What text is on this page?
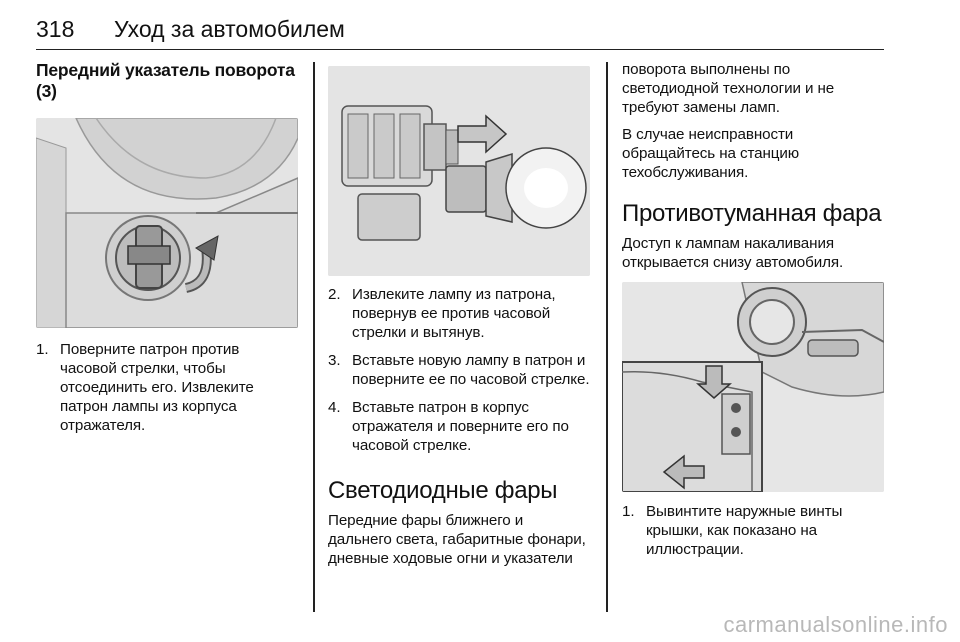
318 Уход за автомобилем
Передний указатель поворота (3)
1. Поверните патрон против часовой стрелки, чтобы отсоединить его. Извлеките патрон лампы из корпуса отражателя.
2. Извлеките лампу из патрона, повернув ее против часовой стрелки и вытянув.
3. Вставьте новую лампу в патрон и поверните ее по часовой стрелке.
4. Вставьте патрон в корпус отражателя и поверните его по часовой стрелке.
Светодиодные фары

Передние фары ближнего и дальнего света, габаритные фонари, дневные ходовые огни и указатели

поворота выполнены по светодиодной технологии и не требуют замены ламп.

В случае неисправности обращайтесь на станцию техобслуживания.

Противотуманная фара

Доступ к лампам накаливания открывается снизу автомобиля.

1. Вывинтите наружные винты крышки, как показано на иллюстрации.
carmanualsonline.info
